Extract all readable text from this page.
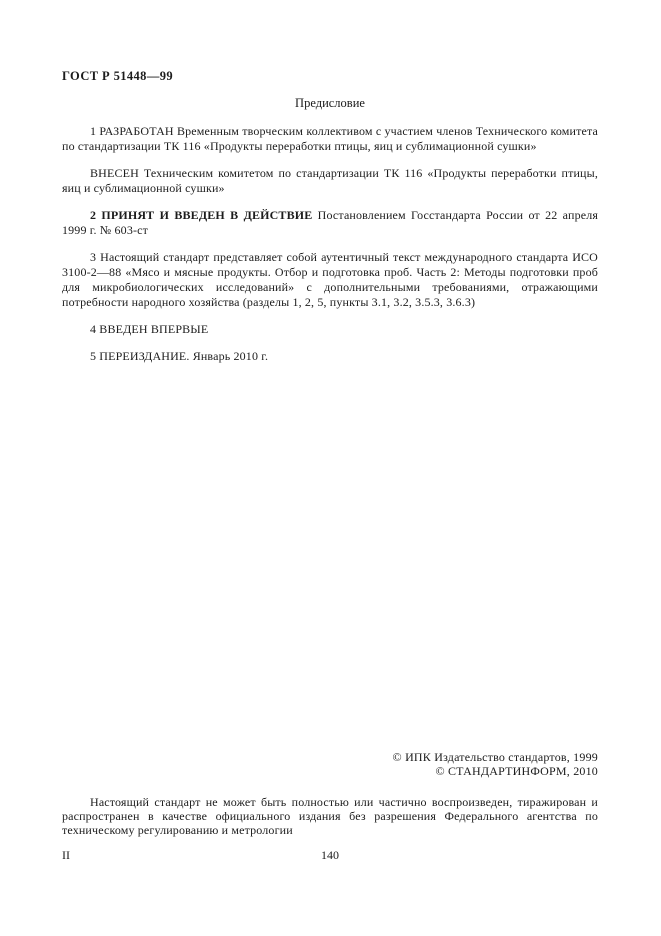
ГОСТ Р 51448—99
Предисловие

1 РАЗРАБОТАН Временным творческим коллективом с участием членов Технического комитета по стандартизации ТК 116 «Продукты переработки птицы, яиц и сублимационной сушки»

ВНЕСЕН Техническим комитетом по стандартизации ТК 116 «Продукты переработки птицы, яиц и сублимационной сушки»

2 ПРИНЯТ И ВВЕДЕН В ДЕЙСТВИЕ Постановлением Госстандарта России от 22 апреля 1999 г. № 603-ст

3 Настоящий стандарт представляет собой аутентичный текст международного стандарта ИСО 3100-2—88 «Мясо и мясные продукты. Отбор и подготовка проб. Часть 2: Методы подготовки проб для микробиологических исследований» с дополнительными требованиями, отражающими потребности народного хозяйства (разделы 1, 2, 5, пункты 3.1, 3.2, 3.5.3, 3.6.3)

4 ВВЕДЕН ВПЕРВЫЕ

5 ПЕРЕИЗДАНИЕ. Январь 2010 г.

© ИПК Издательство стандартов, 1999
© СТАНДАРТИНФОРМ, 2010
Настоящий стандарт не может быть полностью или частично воспроизведен, тиражирован и распространен в качестве официального издания без разрешения Федерального агентства по техническому регулированию и метрологии
II	140
